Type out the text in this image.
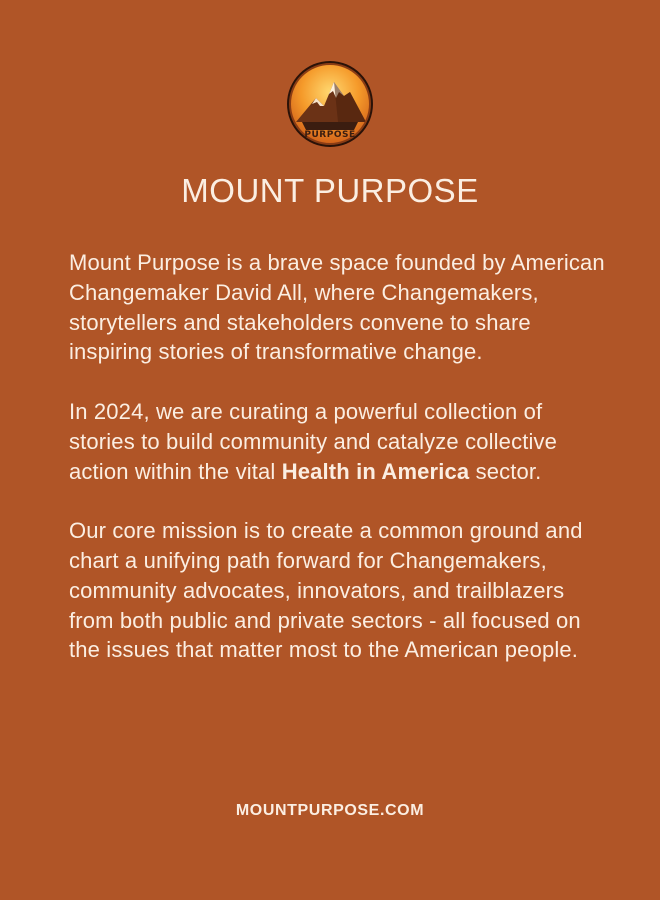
PURPOSE
MOUNT PURPOSE

Mount Purpose is a brave space founded by American Changemaker David All, where Changemakers, storytellers and stakeholders convene to share inspiring stories of transformative change.

In 2024, we are curating a powerful collection of stories to build community and catalyze collective action within the vital Health in America sector.

Our core mission is to create a common ground and chart a unifying path forward for Changemakers, community advocates, innovators, and trailblazers from both public and private sectors - all focused on the issues that matter most to the American people.

MOUNTPURPOSE.COM
